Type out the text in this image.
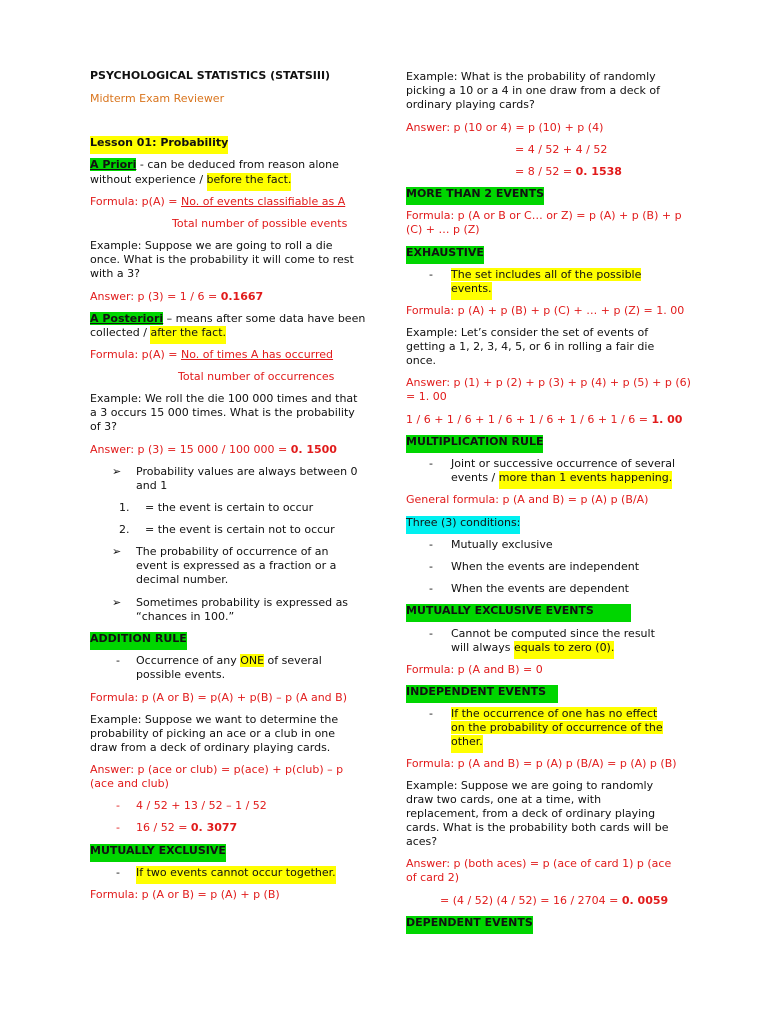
PSYCHOLOGICAL STATISTICS (STATSIII)
Midterm Exam Reviewer
Lesson 01: Probability
A Priori - can be deduced from reason alone
without experience / before the fact.
Formula: p(A) = No. of events classifiable as A
Total number of possible events
Example: Suppose we are going to roll a die
once. What is the probability it will come to rest
with a 3?
Answer: p (3) = 1 / 6 = 0.1667
A Posteriori – means after some data have been
collected / after the fact.
Formula: p(A) = No. of times A has occurred
Total number of occurrences
Example: We roll the die 100 000 times and that
a 3 occurs 15 000 times. What is the probability
of 3?
Answer: p (3) = 15 000 / 100 000 = 0. 1500
➢ Probability values are always between 0
and 1
1. = the event is certain to occur
2. = the event is certain not to occur
➢ The probability of occurrence of an
event is expressed as a fraction or a
decimal number.
➢ Sometimes probability is expressed as
“chances in 100.”
ADDITION RULE
- Occurrence of any ONE of several
possible events.
Formula: p (A or B) = p(A) + p(B) – p (A and B)
Example: Suppose we want to determine the
probability of picking an ace or a club in one
draw from a deck of ordinary playing cards.
Answer: p (ace or club) = p(ace) + p(club) – p
(ace and club)
- 4 / 52 + 13 / 52 – 1 / 52
- 16 / 52 = 0. 3077
MUTUALLY EXCLUSIVE
- If two events cannot occur together.
Formula: p (A or B) = p (A) + p (B)
Example: What is the probability of randomly
picking a 10 or a 4 in one draw from a deck of
ordinary playing cards?
Answer: p (10 or 4) = p (10) + p (4)
= 4 / 52 + 4 / 52
= 8 / 52 = 0. 1538
MORE THAN 2 EVENTS
Formula: p (A or B or C… or Z) = p (A) + p (B) + p
(C) + … p (Z)
EXHAUSTIVE
- The set includes all of the possible
events.
Formula: p (A) + p (B) + p (C) + … + p (Z) = 1. 00
Example: Let’s consider the set of events of
getting a 1, 2, 3, 4, 5, or 6 in rolling a fair die
once.
Answer: p (1) + p (2) + p (3) + p (4) + p (5) + p (6)
= 1. 00
1 / 6 + 1 / 6 + 1 / 6 + 1 / 6 + 1 / 6 + 1 / 6 = 1. 00
MULTIPLICATION RULE
- Joint or successive occurrence of several
events / more than 1 events happening.
General formula: p (A and B) = p (A) p (B/A)
Three (3) conditions:
- Mutually exclusive
- When the events are independent
- When the events are dependent
MUTUALLY EXCLUSIVE EVENTS
- Cannot be computed since the result
will always equals to zero (0).
Formula: p (A and B) = 0
INDEPENDENT EVENTS
- If the occurrence of one has no effect
on the probability of occurrence of the
other.
Formula: p (A and B) = p (A) p (B/A) = p (A) p (B)
Example: Suppose we are going to randomly
draw two cards, one at a time, with
replacement, from a deck of ordinary playing
cards. What is the probability both cards will be
aces?
Answer: p (both aces) = p (ace of card 1) p (ace
of card 2)
= (4 / 52) (4 / 52) = 16 / 2704 = 0. 0059
DEPENDENT EVENTS
